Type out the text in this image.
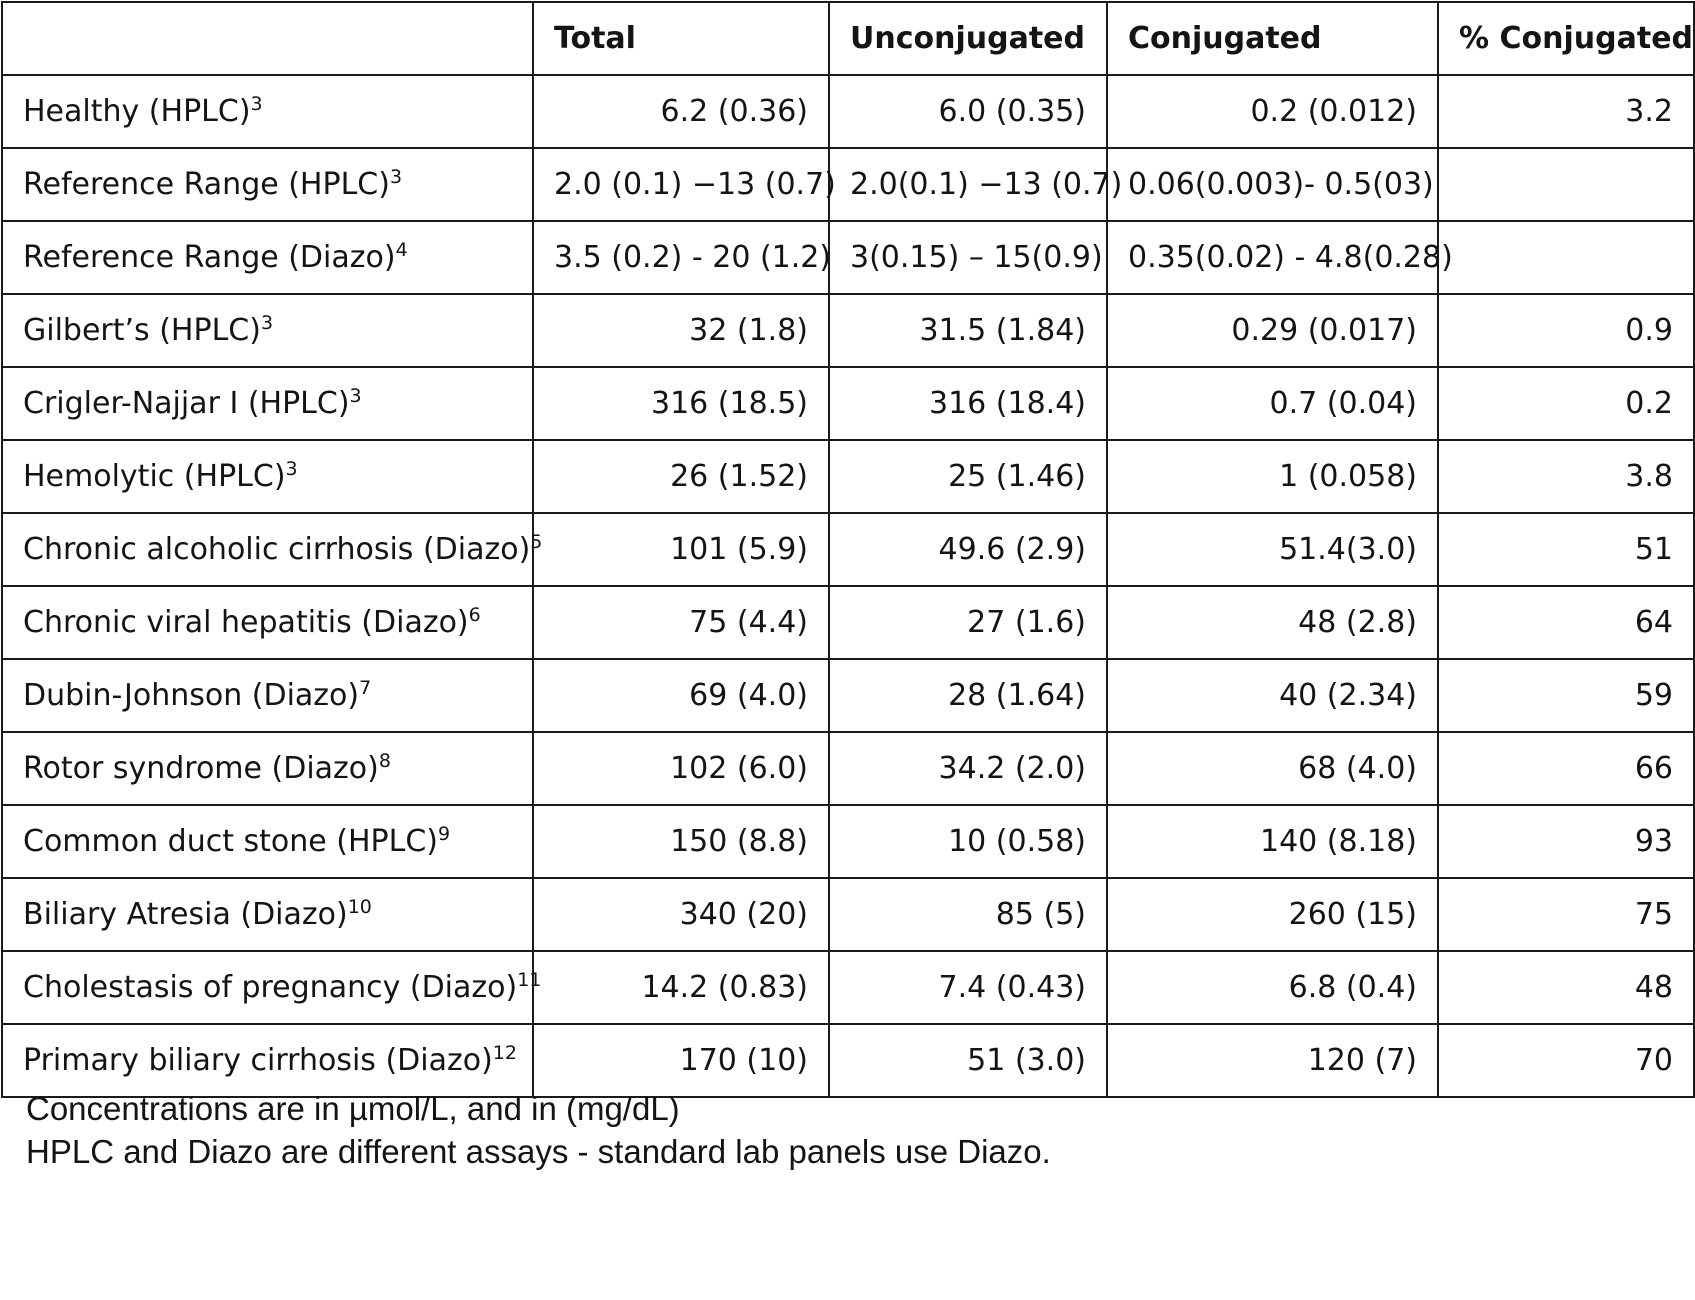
	Total	Unconjugated	Conjugated	% Conjugated
Healthy (HPLC)$^3$	6.2 (0.36)	6.0 (0.35)	0.2 (0.012)	3.2
Reference Range (HPLC)$^3$	2.0 (0.1) −13 (0.7)	2.0(0.1) −13 (0.7)	0.06(0.003)- 0.5(03)	
Reference Range (Diazo)$^4$	3.5 (0.2) - 20 (1.2)	3(0.15) – 15(0.9)	0.35(0.02) - 4.8(0.28)	
Gilbert’s (HPLC)$^3$	32 (1.8)	31.5 (1.84)	0.29 (0.017)	0.9
Crigler-Najjar I (HPLC)$^3$	316 (18.5)	316 (18.4)	0.7 (0.04)	0.2
Hemolytic (HPLC)$^3$	26 (1.52)	25 (1.46)	1 (0.058)	3.8
Chronic alcoholic cirrhosis (Diazo)$^5$	101 (5.9)	49.6 (2.9)	51.4(3.0)	51
Chronic viral hepatitis (Diazo)$^6$	75 (4.4)	27 (1.6)	48 (2.8)	64
Dubin-Johnson (Diazo)$^7$	69 (4.0)	28 (1.64)	40 (2.34)	59
Rotor syndrome (Diazo)$^8$	102 (6.0)	34.2 (2.0)	68 (4.0)	66
Common duct stone (HPLC)$^9$	150 (8.8)	10 (0.58)	140 (8.18)	93
Biliary Atresia (Diazo)$^{10}$	340 (20)	85 (5)	260 (15)	75
Cholestasis of pregnancy (Diazo)$^{11}$	14.2 (0.83)	7.4 (0.43)	6.8 (0.4)	48
Primary biliary cirrhosis (Diazo)$^{12}$	170 (10)	51 (3.0)	120 (7)	70
Concentrations are in µmol/L, and in (mg/dL)
HPLC and Diazo are different assays - standard lab panels use Diazo.
